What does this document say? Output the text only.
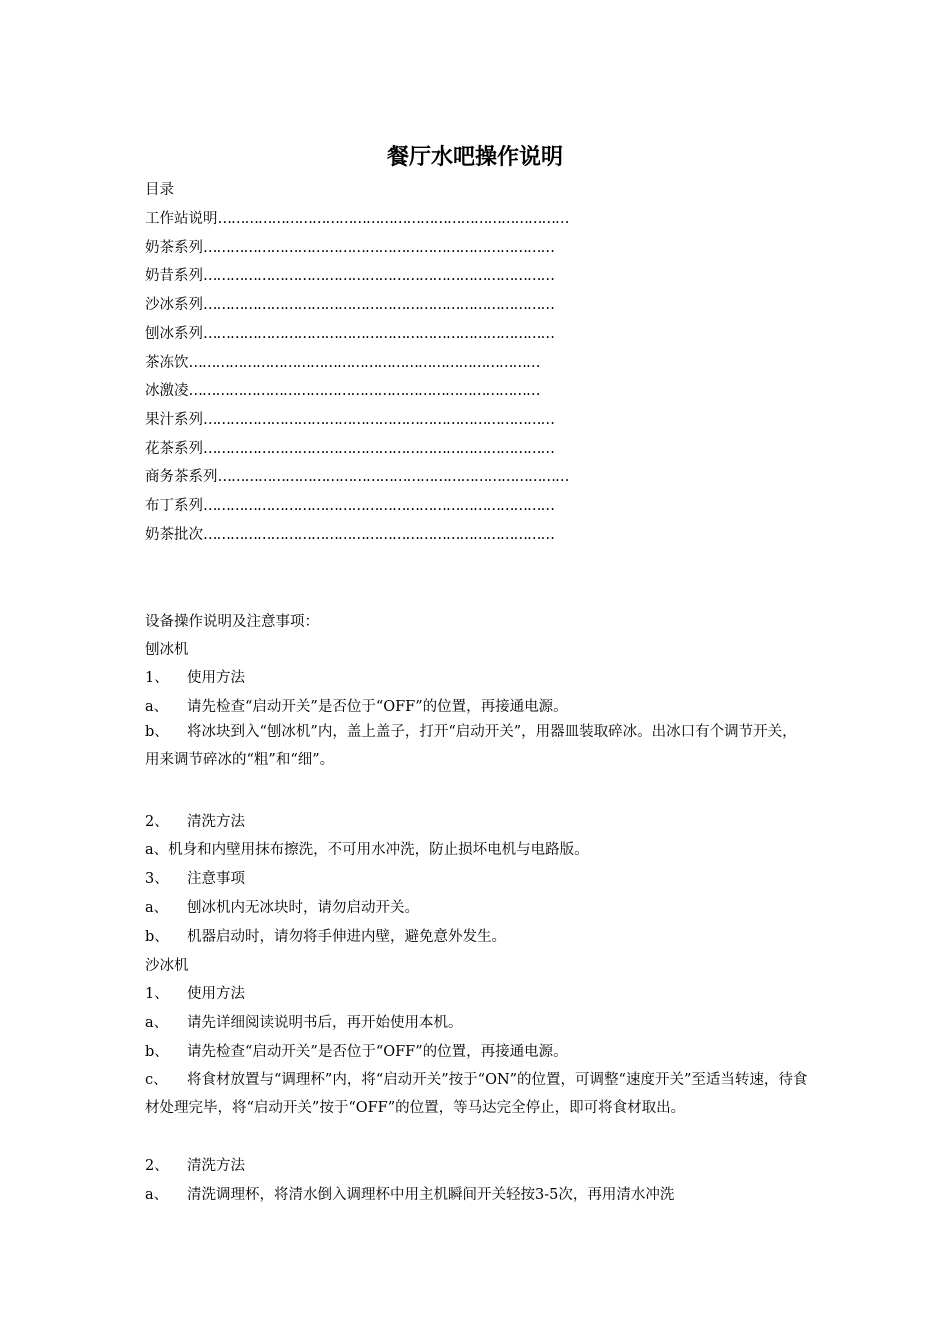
餐厅水吧操作说明
目录
工作站说明……………………………………………………………………
奶茶系列……………………………………………………………………
奶昔系列……………………………………………………………………
沙冰系列……………………………………………………………………
刨冰系列……………………………………………………………………
茶冻饮……………………………………………………………………
冰激凌……………………………………………………………………
果汁系列……………………………………………………………………
花茶系列……………………………………………………………………
商务茶系列……………………………………………………………………
布丁系列……………………………………………………………………
奶茶批次……………………………………………………………………
设备操作说明及注意事项：
刨冰机
1、 使用方法
a、 请先检查“启动开关”是否位于“OFF”的位置，再接通电源。
b、 将冰块到入“刨冰机”内，盖上盖子，打开“启动开关”，用器皿装取碎冰。出冰口有个调节开关，用来调节碎冰的“粗”和“细”。
2、 清洗方法
a、机身和内壁用抹布擦洗，不可用水冲洗，防止损坏电机与电路版。
3、 注意事项
a、 刨冰机内无冰块时，请勿启动开关。
b、 机器启动时，请勿将手伸进内壁，避免意外发生。
沙冰机
1、 使用方法
a、 请先详细阅读说明书后，再开始使用本机。
b、 请先检查“启动开关”是否位于“OFF”的位置，再接通电源。
c、 将食材放置与“调理杯”内，将“启动开关”按于“ON”的位置，可调整“速度开关”至适当转速，待食材处理完毕，将“启动开关”按于“OFF”的位置，等马达完全停止，即可将食材取出。
2、 清洗方法
a、 清洗调理杯，将清水倒入调理杯中用主机瞬间开关轻按3-5次，再用清水冲洗
